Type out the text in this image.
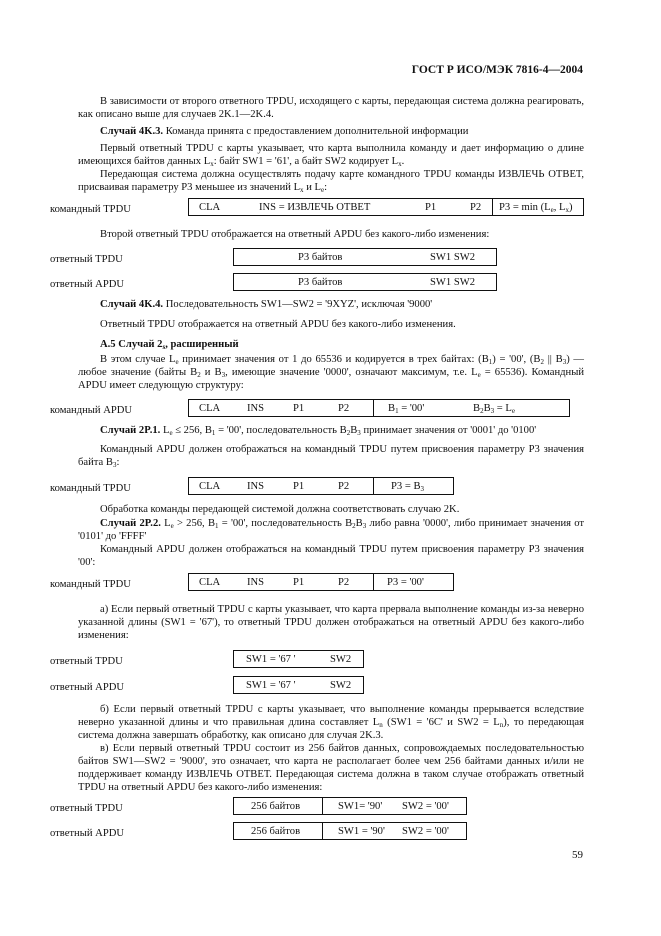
ГОСТ Р ИСО/МЭК 7816-4—2004
В зависимости от второго ответного TPDU, исходящего с карты, передающая система должна реагировать, как описано выше для случаев 2K.1—2K.4.
Случай 4K.3. Команда принята с предоставлением дополнительной информации
Первый ответный TPDU с карты указывает, что карта выполнила команду и дает информацию о длине имеющихся байтов данных $L_x$: байт SW1 = '61', а байт SW2 кодирует $L_x$.
Передающая система должна осуществлять подачу карте командного TPDU команды ИЗВЛЕЧЬ ОТВЕТ, присваивая параметру P3 меньшее из значений $L_x$ и $L_e$:
командный TPDU	CLA	INS = ИЗВЛЕЧЬ ОТВЕТ	P1	P2 $P3 = \min (L_e$, $L_x$)
Второй ответный TPDU отображается на ответный APDU без какого-либо изменения:
ответный TPDU	P3 байтов	SW1 SW2
ответный APDU	P3 байтов	SW1 SW2
Случай 4K.4. Последовательность SW1—SW2 = '9XYZ', исключая '9000'
Ответный TPDU отображается на ответный APDU без какого-либо изменения.
A.5 Случай $2_s$, расширенный
В этом случае $L_e$ принимает значения от 1 до 65536 и кодируется в трех байтах: $(B_1)$ = '00', ($B_2$ || $B_3$) — любое значение (байты $B_2$ и $B_3$, имеющие значение '0000', означают максимум, т.е. $L_e = 65536$). Командный APDU имеет следующую структуру:
командный APDU	CLA	INS	P1	P2	$B_1$ = '00'	$B_2B_3 = L_e$
Случай 2P.1. $L_e \le 256$, $B_1$ = '00', последовательность $B_2B_3$ принимает значения от '0001' до '0100'
Командный APDU должен отображаться на командный TPDU путем присвоения параметру P3 значения байта $B_3$:
командный TPDU	CLA	INS	P1	P2	$P3 = B_3$
Обработка команды передающей системой должна соответствовать случаю 2K.
Случай 2P.2. $L_e > 256$, $B_1$ = '00', последовательность $B_2B_3$ либо равна '0000', либо принимает значения от '0101' до 'FFFF'
Командный APDU должен отображаться на командный TPDU путем присвоения параметру P3 значения '00':
командный TPDU	CLA	INS	P1	P2	P3 = '00'
а) Если первый ответный TPDU с карты указывает, что карта прервала выполнение команды из-за неверно указанной длины (SW1 = '67'), то ответный TPDU должен отображаться на ответный APDU без какого-либо изменения:
ответный TPDU	SW1 = '67 '	SW2
ответный APDU	SW1 = '67 '	SW2
б) Если первый ответный TPDU с карты указывает, что выполнение команды прерывается вследствие неверно указанной длины и что правильная длина составляет $L_n$ (SW1 = '6C' и $SW2 = L_n$), то передающая система должна завершать обработку, как описано для случая 2K.3.
в) Если первый ответный TPDU состоит из 256 байтов данных, сопровождаемых последовательностью байтов SW1—SW2 = '9000', это означает, что карта не располагает более чем 256 байтами данных и/или не поддерживает команду ИЗВЛЕЧЬ ОТВЕТ. Передающая система должна в таком случае отображать ответный TPDU на ответный APDU без какого-либо изменения:
ответный TPDU	256 байтов	SW1= '90' SW2 = '00'
ответный APDU	256 байтов	SW1 = '90' SW2 = '00'
59
